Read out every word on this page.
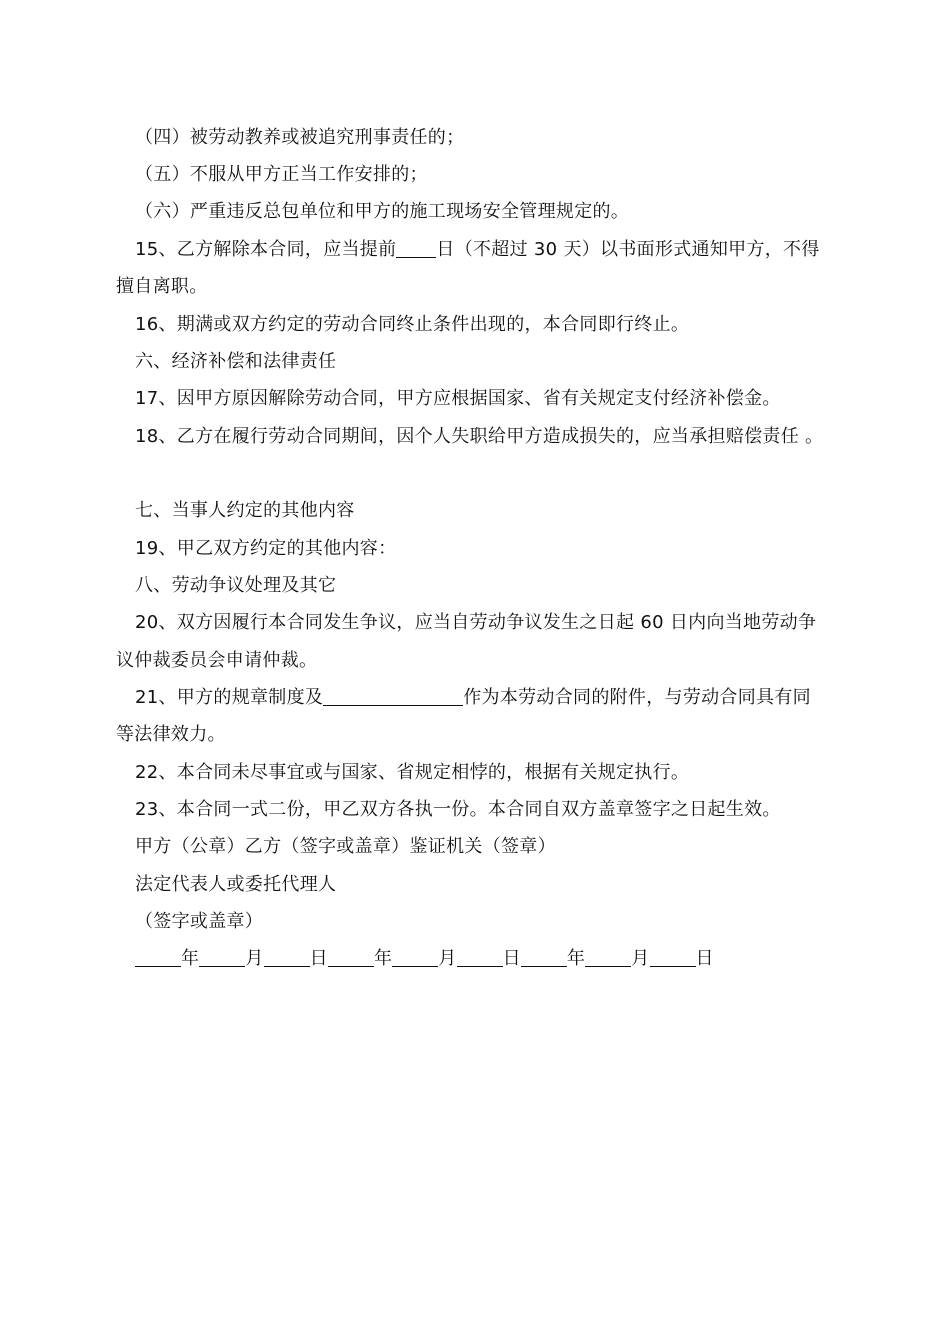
（四）被劳动教养或被追究刑事责任的；
（五）不服从甲方正当工作安排的；
（六）严重违反总包单位和甲方的施工现场安全管理规定的。
15、乙方解除本合同，应当提前 日（不超过 30 天）以书面形式通知甲方，不得
擅自离职。
16、期满或双方约定的劳动合同终止条件出现的，本合同即行终止。
六、经济补偿和法律责任
17、因甲方原因解除劳动合同，甲方应根据国家、省有关规定支付经济补偿金。
18、乙方在履行劳动合同期间，因个人失职给甲方造成损失的，应当承担赔偿责任 。
七、当事人约定的其他内容
19、甲乙双方约定的其他内容：
八、劳动争议处理及其它
20、双方因履行本合同发生争议，应当自劳动争议发生之日起 60 日内向当地劳动争
议仲裁委员会申请仲裁。
21、甲方的规章制度及	作为本劳动合同的附件，与劳动合同具有同
等法律效力。
22、本合同未尽事宜或与国家、省规定相悖的，根据有关规定执行。
23、本合同一式二份，甲乙双方各执一份。本合同自双方盖章签字之日起生效。
甲方（公章）乙方（签字或盖章）鉴证机关（签章）
法定代表人或委托代理人
（签字或盖章）
年	月	日	年	月	日	年	月	日
